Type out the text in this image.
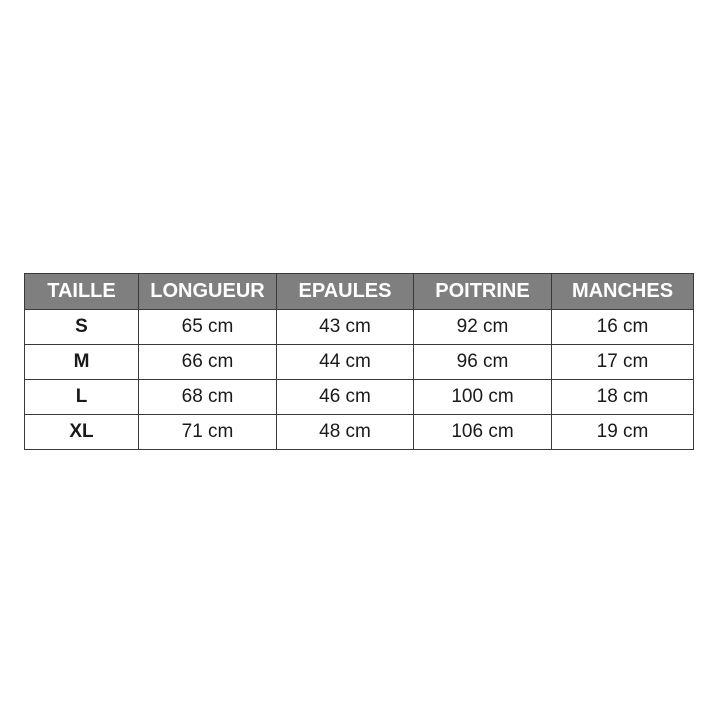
TAILLE	LONGUEUR	EPAULES	POITRINE	MANCHES
S	65 cm	43 cm	92 cm	16 cm
M	66 cm	44 cm	96 cm	17 cm
L	68 cm	46 cm	100 cm	18 cm
XL	71 cm	48 cm	106 cm	19 cm
